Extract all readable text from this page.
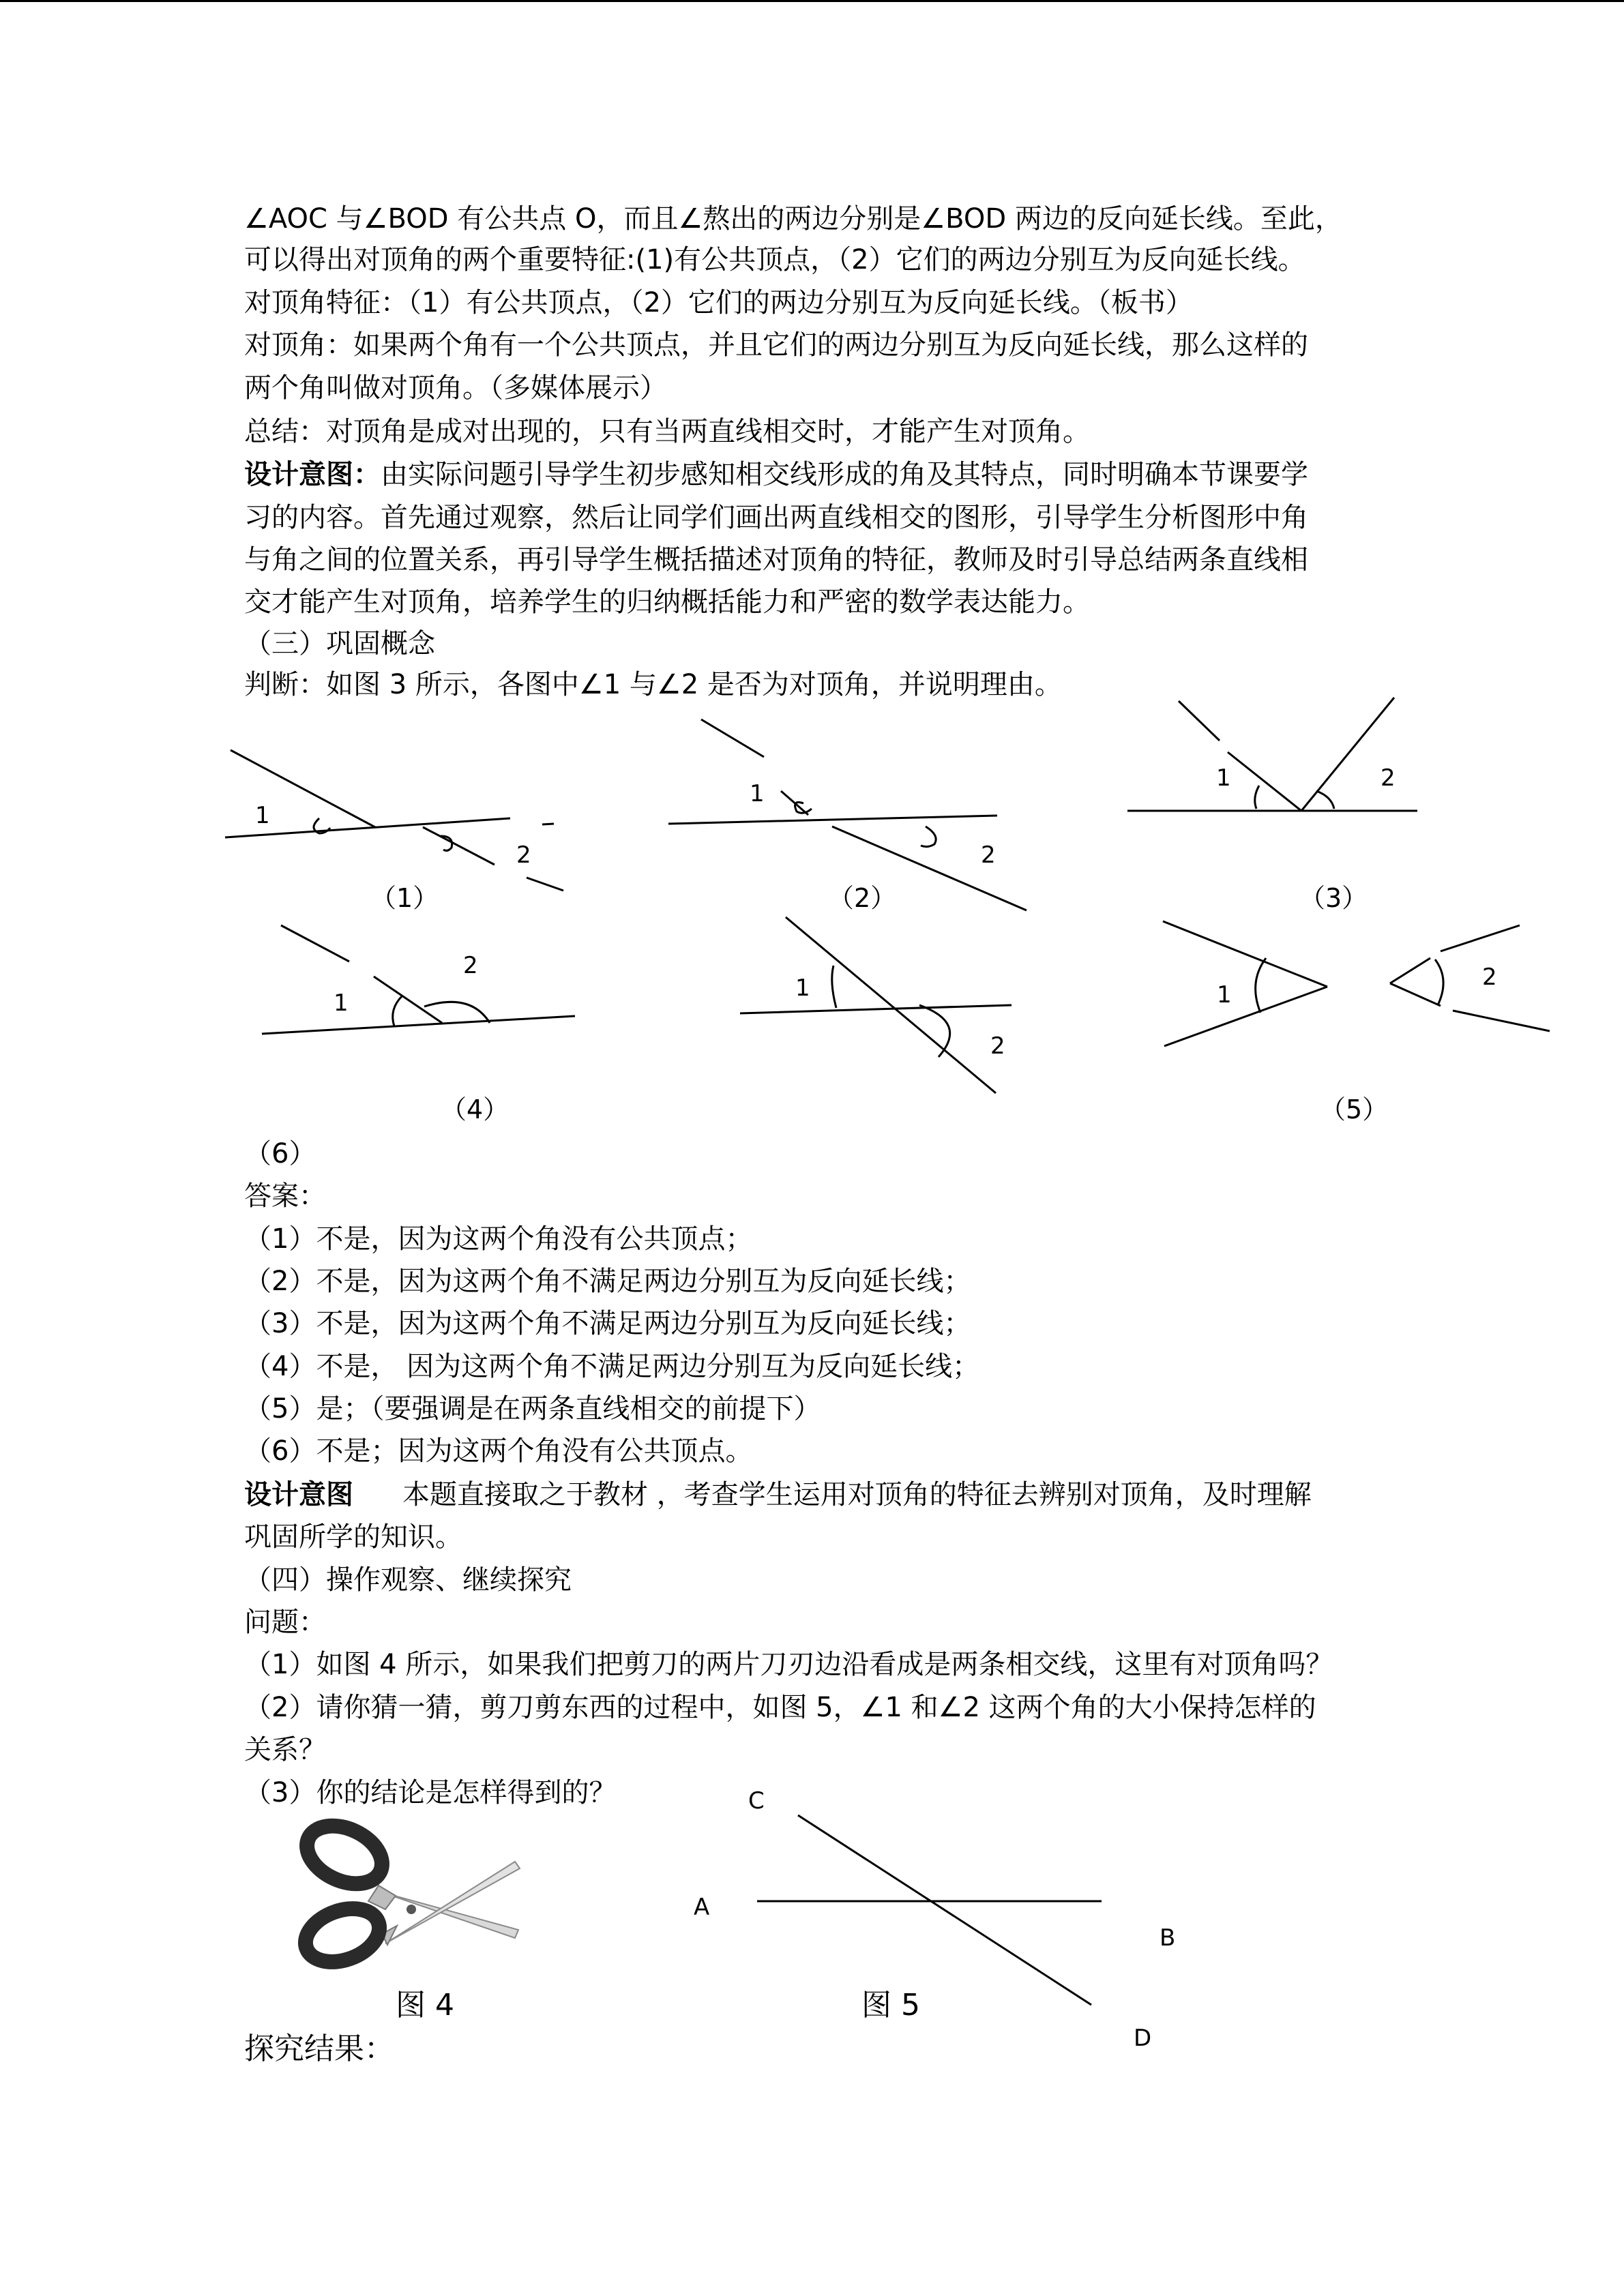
∠AOC 与∠BOD 有公共点 O，而且∠熬出的两边分别是∠BOD 两边的反向延长线。至此，
可以得出对顶角的两个重要特征:(1)有公共顶点，（2）它们的两边分别互为反向延长线。
对顶角特征：（1）有公共顶点，（2）它们的两边分别互为反向延长线。（板书）
对顶角：如果两个角有一个公共顶点，并且它们的两边分别互为反向延长线，那么这样的
两个角叫做对顶角。（多媒体展示）
总结：对顶角是成对出现的，只有当两直线相交时，才能产生对顶角。
设计意图：由实际问题引导学生初步感知相交线形成的角及其特点，同时明确本节课要学
习的内容。首先通过观察，然后让同学们画出两直线相交的图形，引导学生分析图形中角
与角之间的位置关系，再引导学生概括描述对顶角的特征，教师及时引导总结两条直线相
交才能产生对顶角，培养学生的归纳概括能力和严密的数学表达能力。
（三）巩固概念
判断：如图 3 所示，各图中∠1 与∠2 是否为对顶角，并说明理由。
1
2
1
2
1	2
1
2
1
2
1
2
（1）	（2）	（3）
（4）	（5）
C
A
B
D
图 4	图 5
（6）
答案：
（1）不是，因为这两个角没有公共顶点；
（2）不是，因为这两个角不满足两边分别互为反向延长线；
（3）不是，因为这两个角不满足两边分别互为反向延长线；
（4）不是， 因为这两个角不满足两边分别互为反向延长线；
（5）是；（要强调是在两条直线相交的前提下）
（6）不是；因为这两个角没有公共顶点。
设计意图 本题直接取之于教材 ，考查学生运用对顶角的特征去辨别对顶角，及时理解
巩固所学的知识。
（四）操作观察、继续探究
问题：
（1）如图 4 所示，如果我们把剪刀的两片刀刃边沿看成是两条相交线，这里有对顶角吗？
（2）请你猜一猜，剪刀剪东西的过程中，如图 5，∠1 和∠2 这两个角的大小保持怎样的
关系？
（3）你的结论是怎样得到的？
探究结果：
